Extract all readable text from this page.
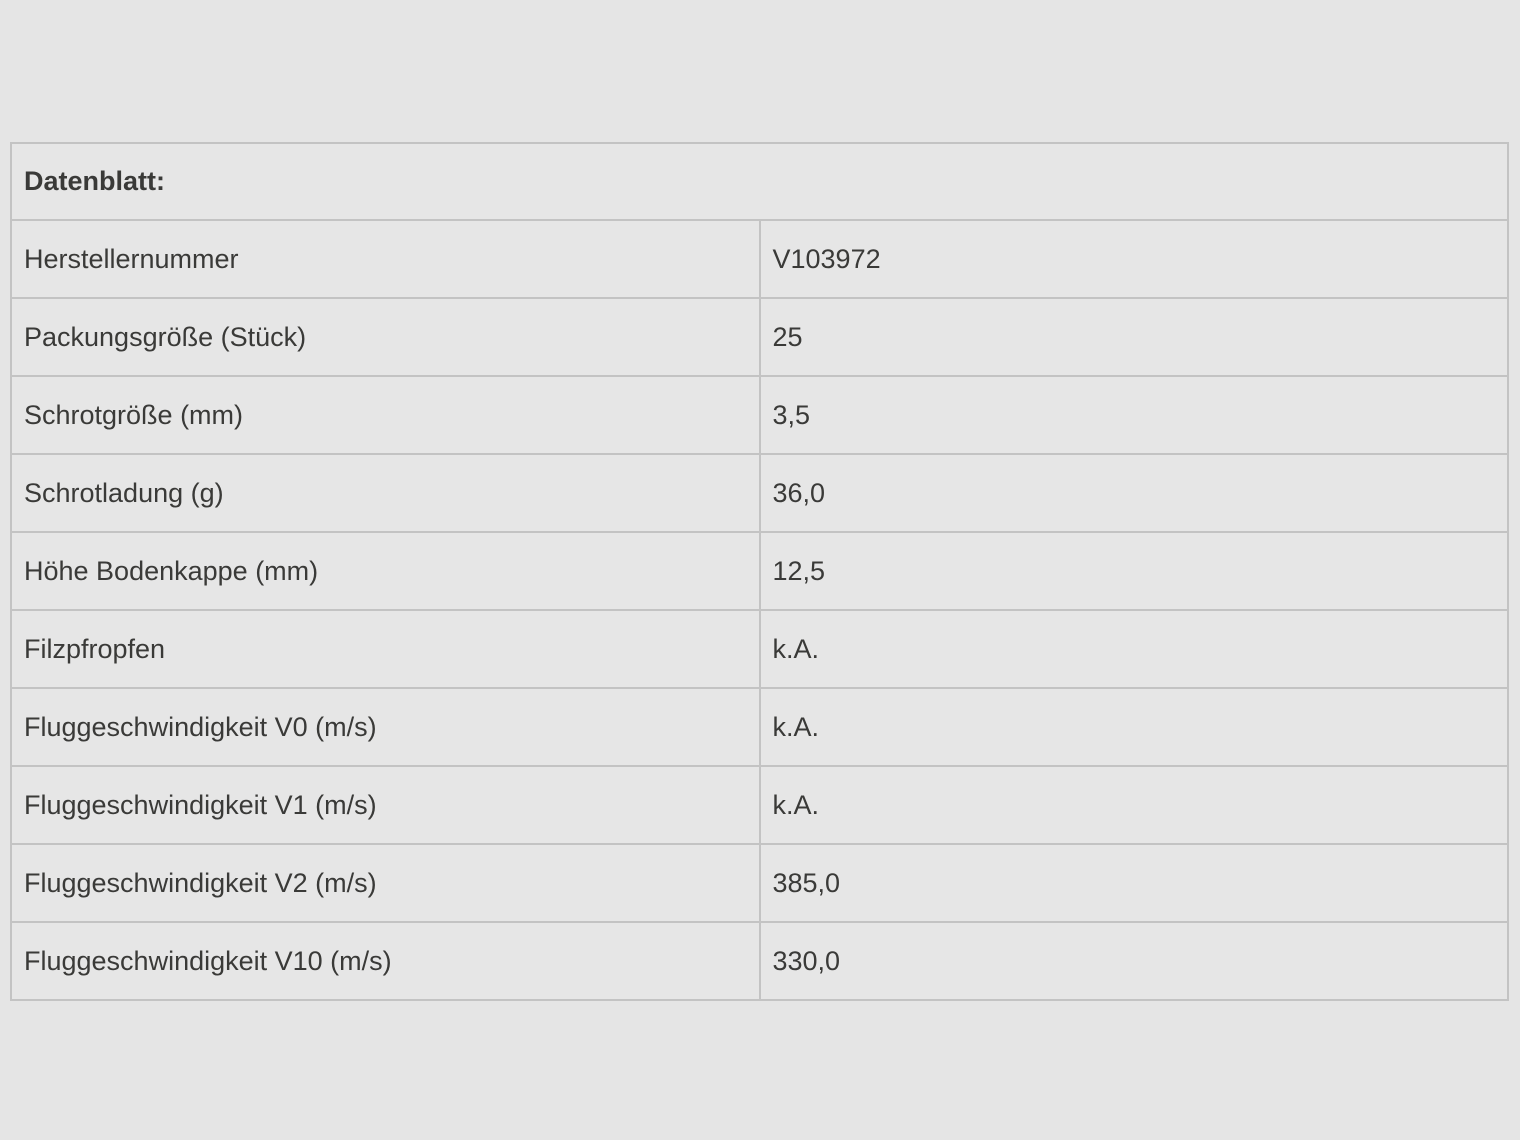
Datenblatt:	
Herstellernummer	V103972
Packungsgröße (Stück)	25
Schrotgröße (mm)	3,5
Schrotladung (g)	36,0
Höhe Bodenkappe (mm)	12,5
Filzpfropfen	k.A.
Fluggeschwindigkeit V0 (m/s)	k.A.
Fluggeschwindigkeit V1 (m/s)	k.A.
Fluggeschwindigkeit V2 (m/s)	385,0
Fluggeschwindigkeit V10 (m/s)	330,0
